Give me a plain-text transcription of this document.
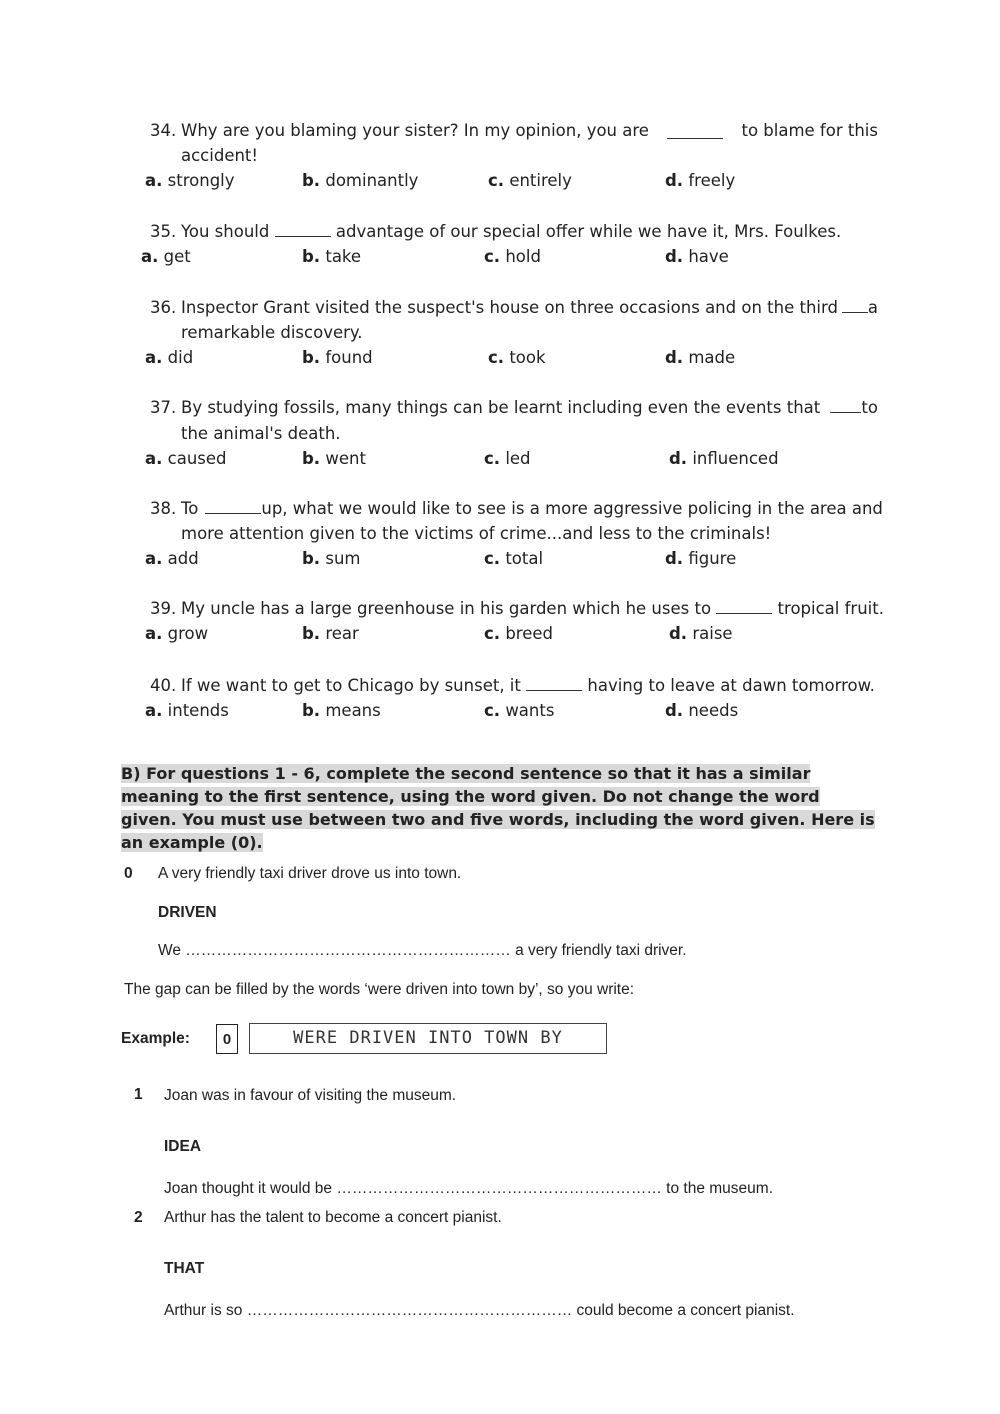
34. Why are you blaming your sister? In my opinion, you are	to blame for this
accident!
a. strongly	b. dominantly	c. entirely	d. freely
35. You should	advantage of our special offer while we have it, Mrs. Foulkes.
a. get	b. take	c. hold	d. have
36. Inspector Grant visited the suspect's house on three occasions and on the third a
remarkable discovery.
a. did	b. found	c. took	d. made
37. By studying fossils, many things can be learnt including even the events that to
the animal's death.
a. caused	b. went	c. led	d. influenced
38. To	up, what we would like to see is a more aggressive policing in the area and
more attention given to the victims of crime...and less to the criminals!
a. add	b. sum	c. total	d. figure
39. My uncle has a large greenhouse in his garden which he uses to	tropical fruit.
a. grow	b. rear	c. breed	d. raise
40. If we want to get to Chicago by sunset, it	having to leave at dawn tomorrow.
a. intends	b. means	c. wants	d. needs
B) For questions 1 - 6, complete the second sentence so that it has a similar meaning to the first sentence, using the word given. Do not change the word given. You must use between two and five words, including the word given. Here is an example (0).
0 A very friendly taxi driver drove us into town.
DRIVEN
We ……………………………………………………… a very friendly taxi driver.
The gap can be filled by the words ‘were driven into town by’, so you write:
Example:	0	WERE DRIVEN INTO TOWN BY
1 Joan was in favour of visiting the museum.
IDEA
Joan thought it would be ……………………………………………………… to the museum.
2 Arthur has the talent to become a concert pianist.
THAT
Arthur is so ……………………………………………………… could become a concert pianist.
